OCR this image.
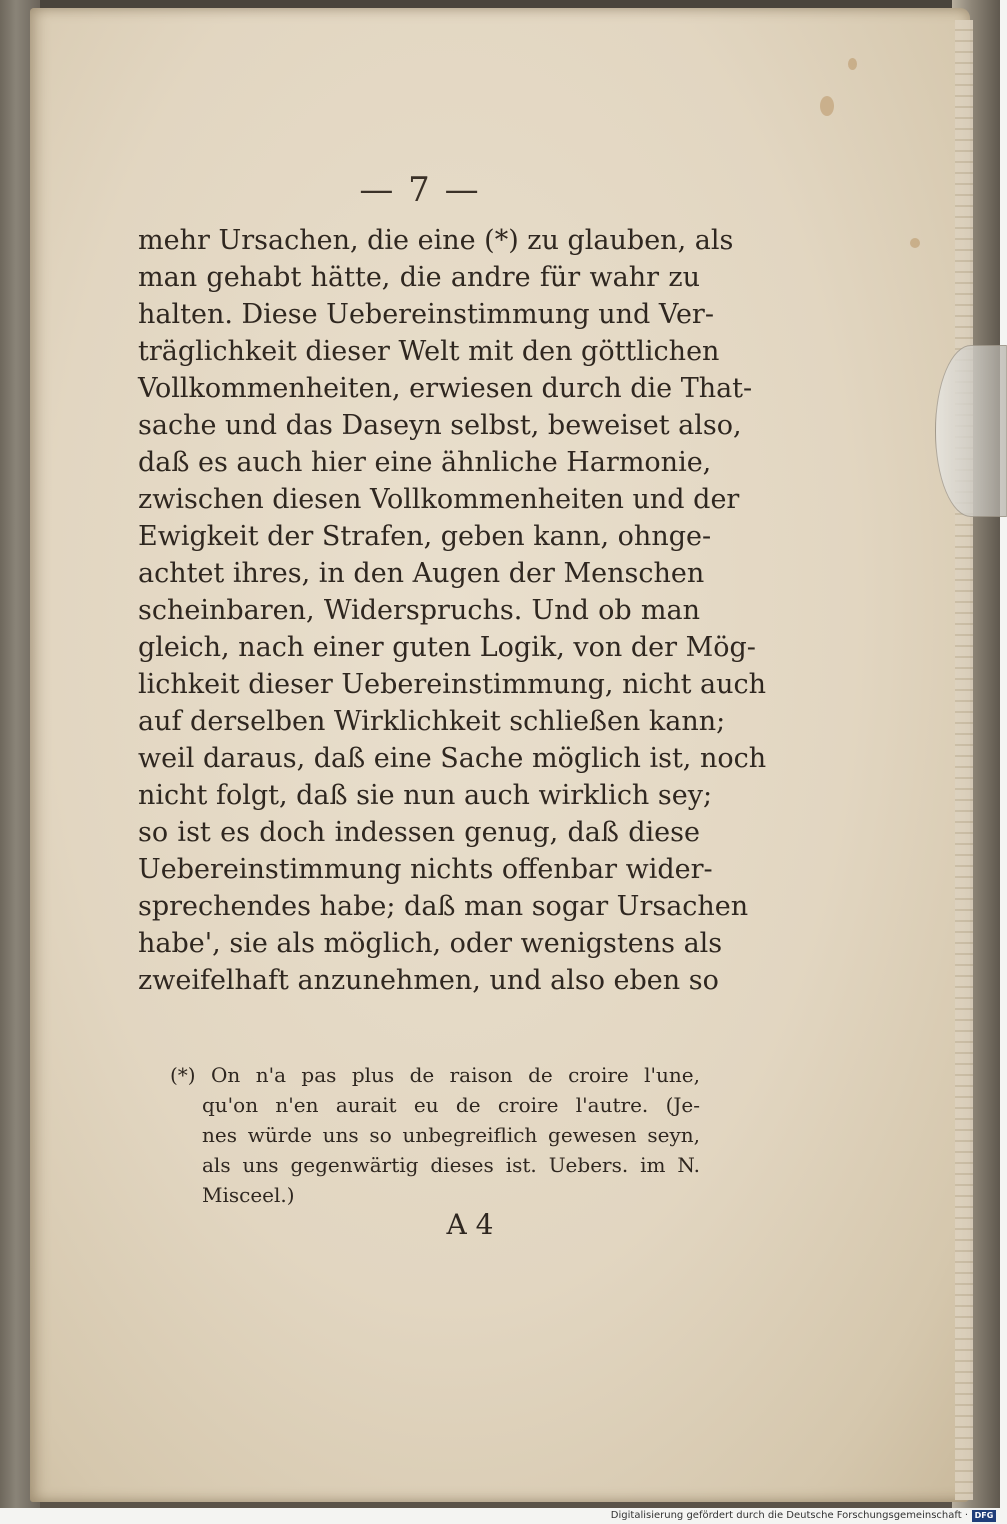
— 7 —
mehr Ursachen, die eine (*) zu glauben, als
man gehabt hätte, die andre für wahr zu
halten. Diese Uebereinstimmung und Ver-
träglichkeit dieser Welt mit den göttlichen
Vollkommenheiten, erwiesen durch die That-
sache und das Daseyn selbst, beweiset also,
daß es auch hier eine ähnliche Harmonie,
zwischen diesen Vollkommenheiten und der
Ewigkeit der Strafen, geben kann, ohnge-
achtet ihres, in den Augen der Menschen
scheinbaren, Widerspruchs. Und ob man
gleich, nach einer guten Logik, von der Mög-
lichkeit dieser Uebereinstimmung, nicht auch
auf derselben Wirklichkeit schließen kann;
weil daraus, daß eine Sache möglich ist, noch
nicht folgt, daß sie nun auch wirklich sey;
so ist es doch indessen genug, daß diese
Uebereinstimmung nichts offenbar wider-
sprechendes habe; daß man sogar Ursachen
habe', sie als möglich, oder wenigstens als
zweifelhaft anzunehmen, und also eben so
(*) On n'a pas plus de raison de croire l'une,
qu'on n'en aurait eu de croire l'autre. (Je-
nes würde uns so unbegreiflich gewesen seyn,
als uns gegenwärtig dieses ist. Uebers. im N.
Misceel.)
A 4
Digitalisierung gefördert durch die Deutsche Forschungsgemeinschaft · DFG
